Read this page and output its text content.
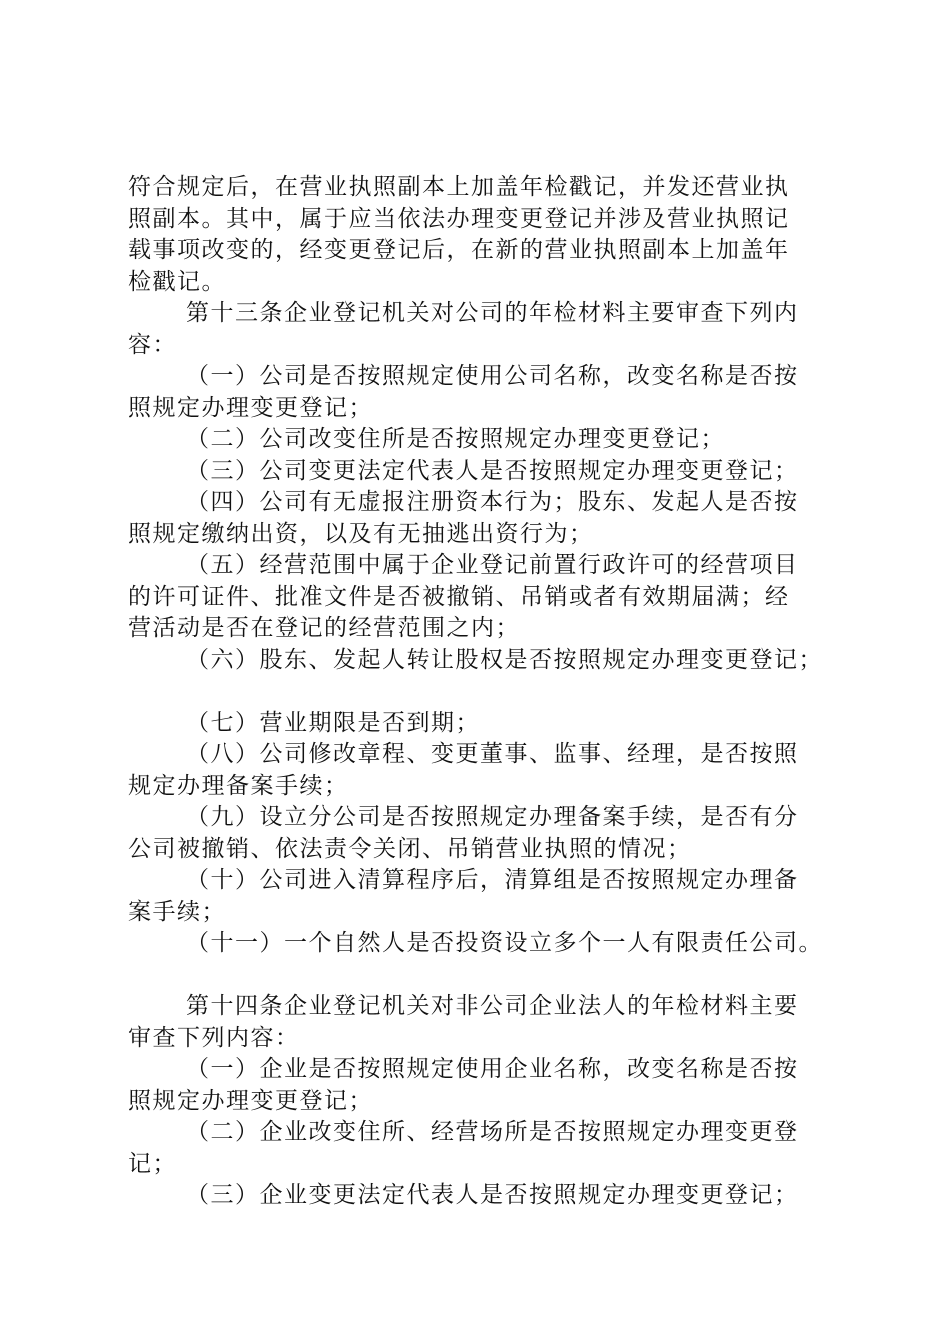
符合规定后，在营业执照副本上加盖年检戳记，并发还营业执
照副本。其中，属于应当依法办理变更登记并涉及营业执照记
载事项改变的，经变更登记后，在新的营业执照副本上加盖年
检戳记。
第十三条企业登记机关对公司的年检材料主要审查下列内
容：
（一）公司是否按照规定使用公司名称，改变名称是否按
照规定办理变更登记；
（二）公司改变住所是否按照规定办理变更登记；
（三）公司变更法定代表人是否按照规定办理变更登记；
（四）公司有无虚报注册资本行为；股东、发起人是否按
照规定缴纳出资，以及有无抽逃出资行为；
（五）经营范围中属于企业登记前置行政许可的经营项目
的许可证件、批准文件是否被撤销、吊销或者有效期届满；经
营活动是否在登记的经营范围之内；
（六）股东、发起人转让股权是否按照规定办理变更登记；
（七）营业期限是否到期；
（八）公司修改章程、变更董事、监事、经理，是否按照
规定办理备案手续；
（九）设立分公司是否按照规定办理备案手续，是否有分
公司被撤销、依法责令关闭、吊销营业执照的情况；
（十）公司进入清算程序后，清算组是否按照规定办理备
案手续；
（十一）一个自然人是否投资设立多个一人有限责任公司。
第十四条企业登记机关对非公司企业法人的年检材料主要
审查下列内容：
（一）企业是否按照规定使用企业名称，改变名称是否按
照规定办理变更登记；
（二）企业改变住所、经营场所是否按照规定办理变更登
记；
（三）企业变更法定代表人是否按照规定办理变更登记；
